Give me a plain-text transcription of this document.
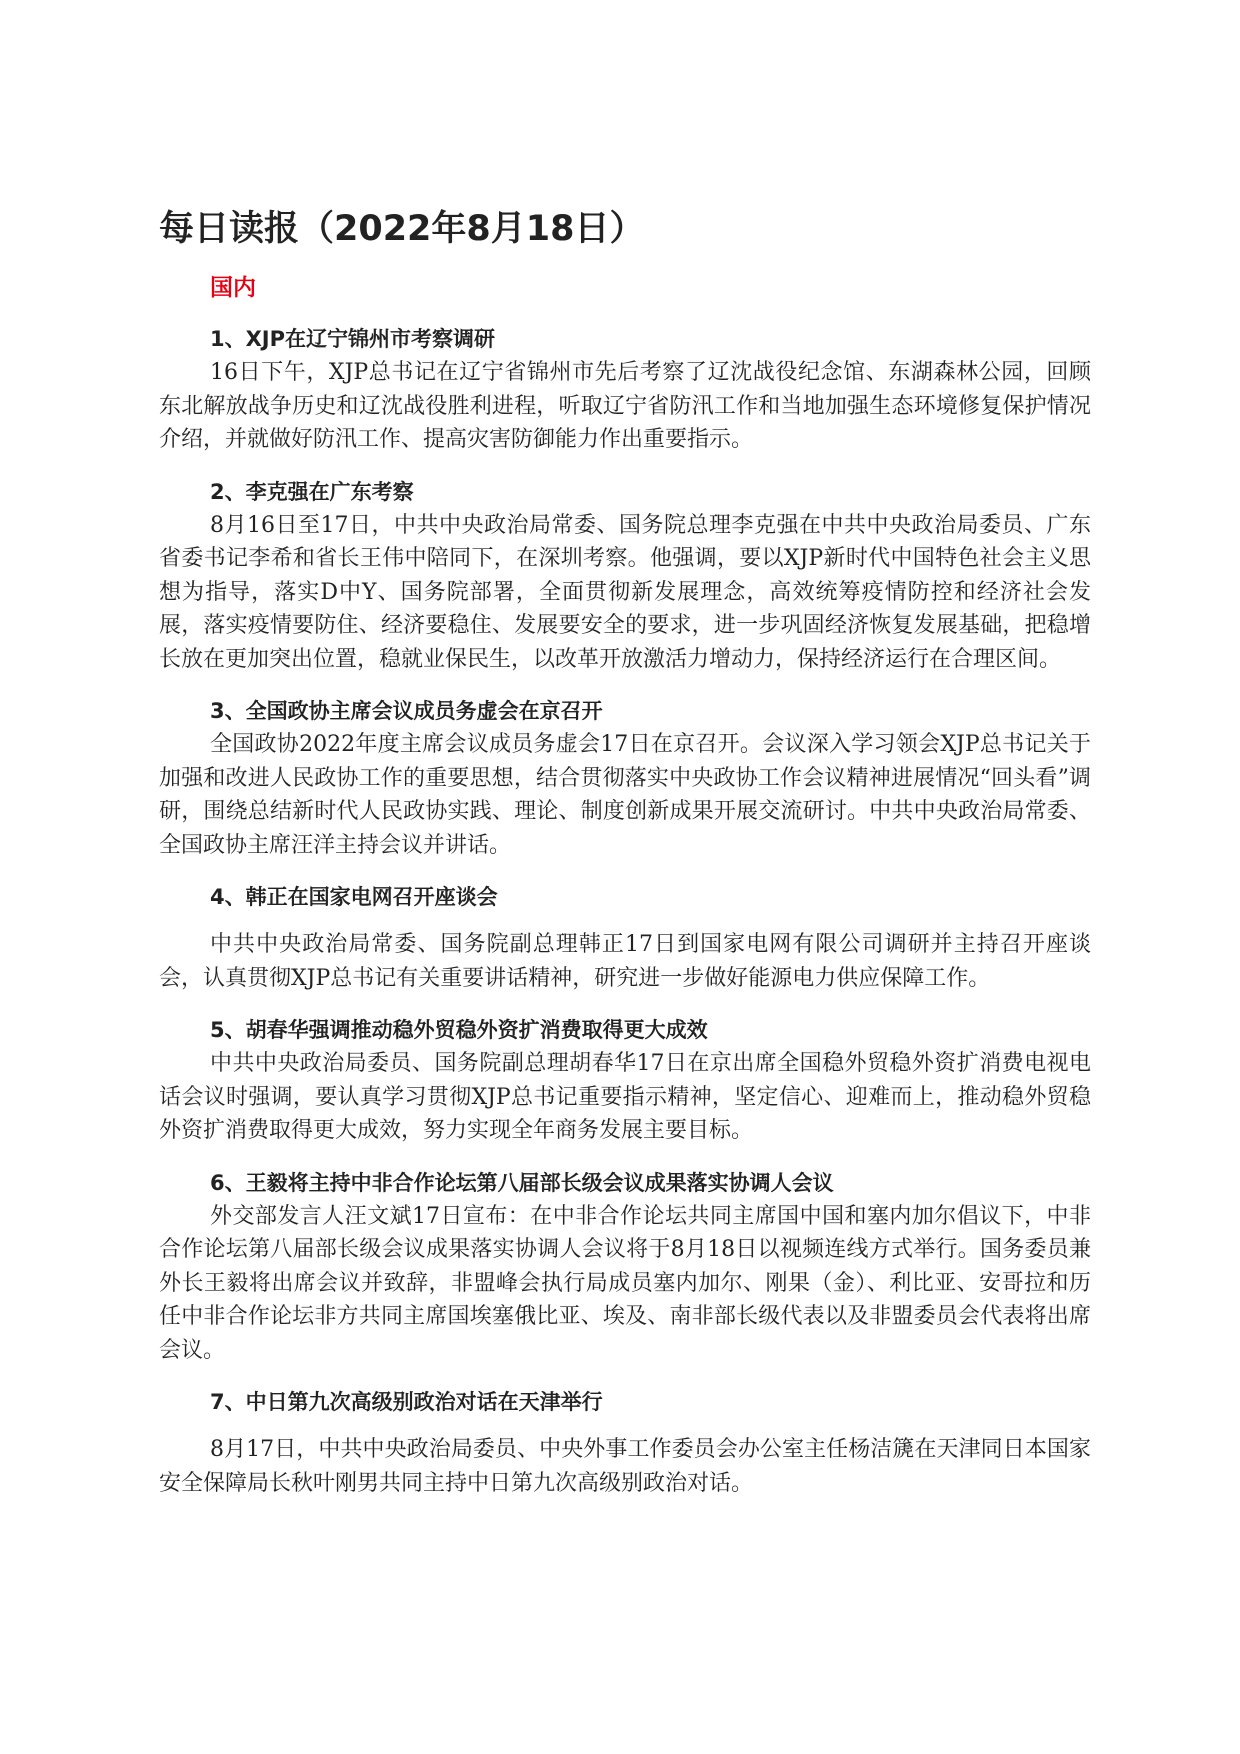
每日读报（2022年8月18日）
国内
1、XJP在辽宁锦州市考察调研

16日下午，XJP总书记在辽宁省锦州市先后考察了辽沈战役纪念馆、东湖森林公园，回顾东北解放战争历史和辽沈战役胜利进程，听取辽宁省防汛工作和当地加强生态环境修复保护情况介绍，并就做好防汛工作、提高灾害防御能力作出重要指示。

2、李克强在广东考察

8月16日至17日，中共中央政治局常委、国务院总理李克强在中共中央政治局委员、广东省委书记李希和省长王伟中陪同下，在深圳考察。他强调，要以XJP新时代中国特色社会主义思想为指导，落实D中Y、国务院部署，全面贯彻新发展理念，高效统筹疫情防控和经济社会发展，落实疫情要防住、经济要稳住、发展要安全的要求，进一步巩固经济恢复发展基础，把稳增长放在更加突出位置，稳就业保民生，以改革开放激活力增动力，保持经济运行在合理区间。

3、全国政协主席会议成员务虚会在京召开

全国政协2022年度主席会议成员务虚会17日在京召开。会议深入学习领会XJP总书记关于加强和改进人民政协工作的重要思想，结合贯彻落实中央政协工作会议精神进展情况“回头看”调研，围绕总结新时代人民政协实践、理论、制度创新成果开展交流研讨。中共中央政治局常委、全国政协主席汪洋主持会议并讲话。

4、韩正在国家电网召开座谈会

中共中央政治局常委、国务院副总理韩正17日到国家电网有限公司调研并主持召开座谈会，认真贯彻XJP总书记有关重要讲话精神，研究进一步做好能源电力供应保障工作。

5、胡春华强调推动稳外贸稳外资扩消费取得更大成效

中共中央政治局委员、国务院副总理胡春华17日在京出席全国稳外贸稳外资扩消费电视电话会议时强调，要认真学习贯彻XJP总书记重要指示精神，坚定信心、迎难而上，推动稳外贸稳外资扩消费取得更大成效，努力实现全年商务发展主要目标。

6、王毅将主持中非合作论坛第八届部长级会议成果落实协调人会议

外交部发言人汪文斌17日宣布：在中非合作论坛共同主席国中国和塞内加尔倡议下，中非合作论坛第八届部长级会议成果落实协调人会议将于8月18日以视频连线方式举行。国务委员兼外长王毅将出席会议并致辞，非盟峰会执行局成员塞内加尔、刚果（金）、利比亚、安哥拉和历任中非合作论坛非方共同主席国埃塞俄比亚、埃及、南非部长级代表以及非盟委员会代表将出席会议。

7、中日第九次高级别政治对话在天津举行

8月17日，中共中央政治局委员、中央外事工作委员会办公室主任杨洁篪在天津同日本国家安全保障局长秋叶刚男共同主持中日第九次高级别政治对话。
